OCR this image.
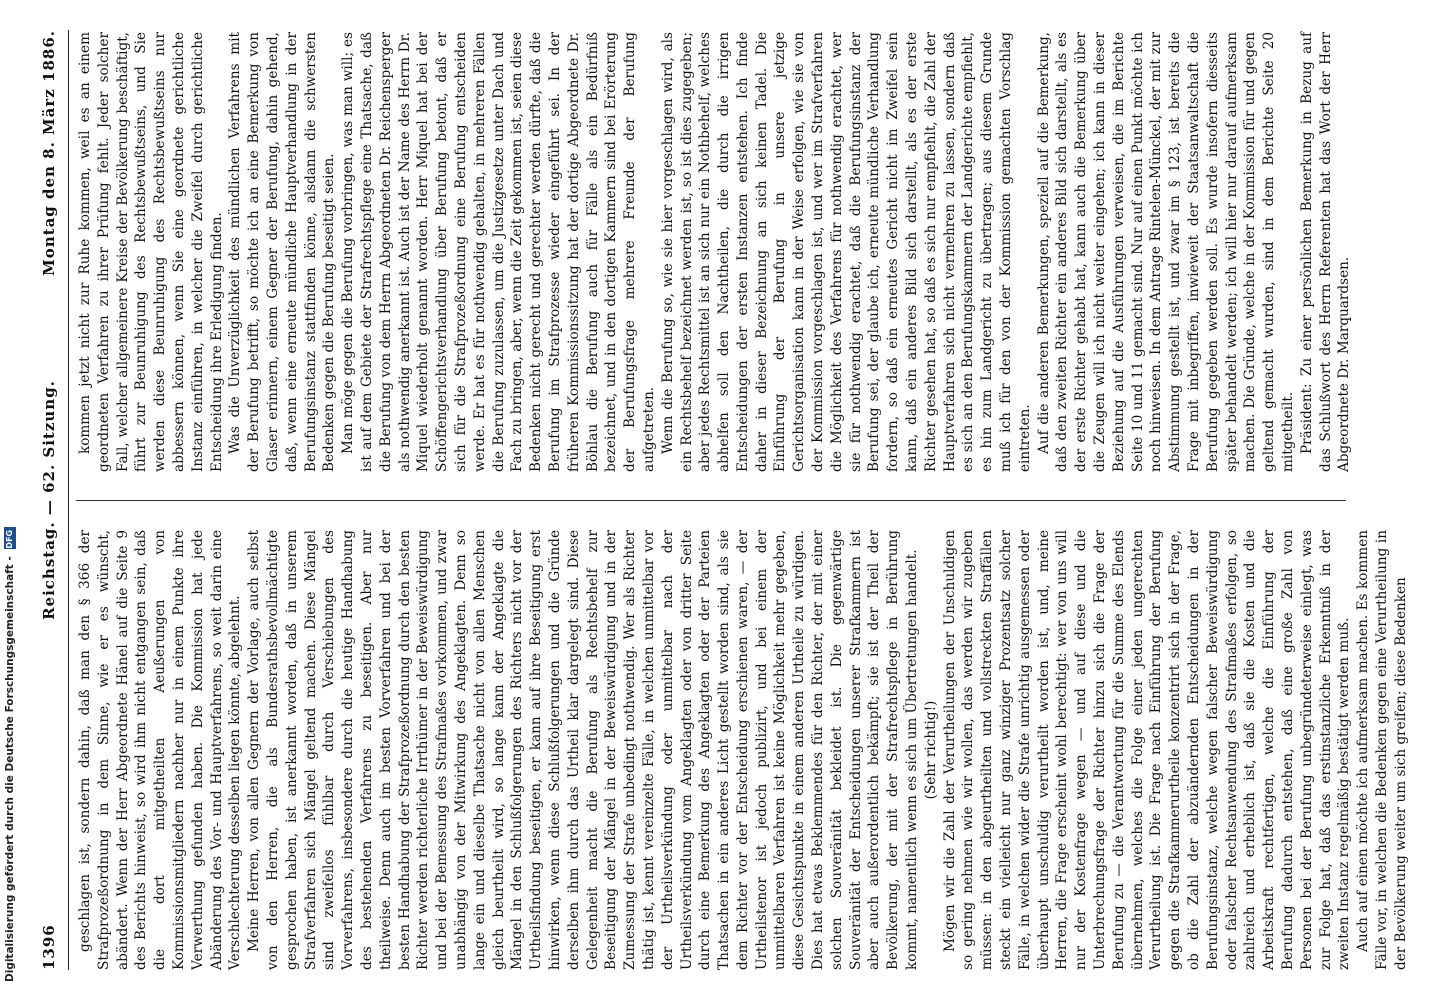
1396
Reichstag. — 62. Sitzung.
Montag den 8. März 1886.

geschlagen ist, sondern dahin, daß man den § 366 der Strafprozeßordnung in dem Sinne, wie er es wünscht, abändert. Wenn der Herr Abgeordnete Hänel auf die Seite 9 des Berichts hinweist, so wird ihm nicht entgangen sein, daß die dort mitgetheilten Aeußerungen von Kommissionsmitgliedern nachher nur in einem Punkte ihre Verwerthung gefunden haben. Die Kommission hat jede Abänderung des Vor- und Hauptverfahrens, so weit darin eine Verschlechterung desselben liegen könnte, abgelehnt. Meine Herren, von allen Gegnern der Vorlage, auch selbst von den Herren, die als Bundesrathsbevollmächtigte gesprochen haben, ist anerkannt worden, daß in unserem Strafverfahren sich Mängel geltend machen. Diese Mängel sind zweifellos fühlbar durch Verschiebungen des Vorverfahrens, insbesondere durch die heutige Handhabung des bestehenden Verfahrens zu beseitigen. Aber nur theilweise. Denn auch im besten Vorverfahren und bei der besten Handhabung der Strafprozeßordnung durch den besten Richter werden richterliche Irrthümer in der Beweiswürdigung und bei der Bemessung des Strafmaßes vorkommen, und zwar unabhängig von der Mitwirkung des Angeklagten. Denn so lange ein und dieselbe Thatsache nicht von allen Menschen gleich beurtheilt wird, so lange kann der Angeklagte die Mängel in den Schlußfolgerungen des Richters nicht vor der Urtheilsfindung beseitigen, er kann auf ihre Beseitigung erst hinwirken, wenn diese Schlußfolgerungen und die Gründe derselben ihm durch das Urtheil klar dargelegt sind. Diese Gelegenheit macht die Berufung als Rechtsbehelf zur Beseitigung der Mängel in der Beweiswürdigung und in der Zumessung der Strafe unbedingt nothwendig. Wer als Richter thätig ist, kennt vereinzelte Fälle, in welchen unmittelbar vor der Urtheilsverkündung oder unmittelbar nach der Urtheilsverkündung vom Angeklagten oder von dritter Seite durch eine Bemerkung des Angeklagten oder der Parteien Thatsachen in ein anderes Licht gestellt worden sind, als sie dem Richter vor der Entscheidung erschienen waren, — der Urtheilstenor ist jedoch publizirt, und bei einem der unmittelbaren Verfahren ist keine Möglichkeit mehr gegeben, diese Gesichtspunkte in einem anderen Urtheile zu würdigen. Dies hat etwas Beklemmendes für den Richter, der mit einer solchen Souveränität bekleidet ist. Die gegenwärtige Souveränität der Entscheidungen unserer Strafkammern ist aber auch außerordentlich bekämpft; sie ist der Theil der Bevölkerung, der mit der Strafrechtspflege in Berührung kommt, namentlich wenn es sich um Übertretungen handelt. (Sehr richtig!) Mögen wir die Zahl der Verurtheilungen der Unschuldigen so gering nehmen wie wir wollen, das werden wir zugeben müssen: in den abgeurtheilten und vollstreckten Straffällen steckt ein vielleicht nur ganz winziger Prozentsatz solcher Fälle, in welchen wider die Strafe unrichtig ausgemessen oder überhaupt unschuldig verurtheilt worden ist, und, meine Herren, die Frage erscheint wohl berechtigt: wer von uns will nur der Kostenfrage wegen — und auf diese und die Unterbrechungsfrage der Richter hinzu sich die Frage der Berufung zu — die Verantwortung für die Summe des Elends übernehmen, welches die Folge einer jeden ungerechten Verurtheilung ist. Die Frage nach Einführung der Berufung gegen die Strafkammerurtheile konzentrirt sich in der Frage, ob die Zahl der abzuändernden Entscheidungen in der Berufungsinstanz, welche wegen falscher Beweiswürdigung oder falscher Rechtsanwendung des Strafmaßes erfolgen, so zahlreich und erheblich ist, daß sie die Kosten und die Arbeitskraft rechtfertigen, welche die Einführung der Berufung dadurch entstehen, daß eine große Zahl von Personen bei der Berufung unbegründeterweise einlegt, was zur Folge hat, daß das erstinstanzliche Erkenntniß in der zweiten Instanz regelmäßig bestätigt werden muß. Auch auf einen möchte ich aufmerksam machen. Es kommen Fälle vor, in welchen die Bedenken gegen eine Verurtheilung in der Bevölkerung weiter um sich greifen; diese Bedenken

kommen jetzt nicht zur Ruhe kommen, weil es an einem geordneten Verfahren zu ihrer Prüfung fehlt. Jeder solcher Fall, welcher allgemeinere Kreise der Bevölkerung beschäftigt, führt zur Beunruhigung des Rechtsbewußtseins, und Sie werden diese Beunruhigung des Rechtsbewußtseins nur abbessern können, wenn Sie eine geordnete gerichtliche Instanz einführen, in welcher die Zweifel durch gerichtliche Entscheidung ihre Erledigung finden. Was die Unverzüglichkeit des mündlichen Verfahrens mit der Berufung betrifft, so möchte ich an eine Bemerkung von Glaser erinnern, einem Gegner der Berufung, dahin gehend, daß, wenn eine erneute mündliche Hauptverhandlung in der Berufungsinstanz stattfinden könne, alsdann die schwersten Bedenken gegen die Berufung beseitigt seien. Man möge gegen die Berufung vorbringen, was man will; es ist auf dem Gebiete der Strafrechtspflege eine Thatsache, daß die Berufung von dem Herrn Abgeordneten Dr. Reichensperger als nothwendig anerkannt ist. Auch ist der Name des Herrn Dr. Miquel wiederholt genannt worden. Herr Miquel hat bei der Schöffengerichtsverhandlung über Berufung betont, daß er sich für die Strafprozeßordnung eine Berufung entscheiden werde. Er hat es für nothwendig gehalten, in mehreren Fällen die Berufung zuzulassen, um die Justizgesetze unter Dach und Fach zu bringen, aber, wenn die Zeit gekommen ist, seien diese Bedenken nicht gerecht und gerechter werden dürfte, daß die Berufung im Strafprozesse wieder eingeführt sei. In der früheren Kommissionssitzung hat der dortige Abgeordnete Dr. Böhlau die Berufung auch für Fälle als ein Bedürfniß bezeichnet, und in den dortigen Kammern sind bei Erörterung der Berufungsfrage mehrere Freunde der Berufung aufgetreten. Wenn die Berufung so, wie sie hier vorgeschlagen wird, als ein Rechtsbehelf bezeichnet werden ist, so ist dies zugegeben; aber jedes Rechtsmittel ist an sich nur ein Nothbehelf, welches abhelfen soll den Nachtheilen, die durch die irrigen Entscheidungen der ersten Instanzen entstehen. Ich finde daher in dieser Bezeichnung an sich keinen Tadel. Die Einführung der Berufung in unsere jetzige Gerichtsorganisation kann in der Weise erfolgen, wie sie von der Kommission vorgeschlagen ist, und wer im Strafverfahren die Möglichkeit des Verfahrens für nothwendig erachtet, wer sie für nothwendig erachtet, daß die Berufungsinstanz der Berufung sei, der glaube ich, erneute mündliche Verhandlung fordern, so daß ein erneutes Gericht nicht im Zweifel sein kann, daß ein anderes Bild sich darstellt, als es der erste Richter gesehen hat, so daß es sich nur empfiehlt, die Zahl der Hauptverfahren sich nicht vermehren zu lassen, sondern daß es sich an den Berufungskammern der Landgerichte empfiehlt, es hin zum Landgericht zu übertragen; aus diesem Grunde muß ich für den von der Kommission gemachten Vorschlag eintreten. Auf die anderen Bemerkungen, speziell auf die Bemerkung, daß den zweiten Richter ein anderes Bild sich darstellt, als es der erste Richter gehabt hat, kann auch die Bemerkung über die Zeugen will ich nicht weiter eingehen; ich kann in dieser Beziehung auf die Ausführungen verweisen, die im Berichte Seite 10 und 11 gemacht sind. Nur auf einen Punkt möchte ich noch hinweisen. In dem Antrage Rintelen-Münckel, der mit zur Abstimmung gestellt ist, und zwar im § 123, ist bereits die Frage mit inbegriffen, inwieweit der Staatsanwaltschaft die Berufung gegeben werden soll. Es wurde insofern diesseits später behandelt werden; ich will hier nur darauf aufmerksam machen. Die Gründe, welche in der Kommission für und gegen geltend gemacht wurden, sind in dem Berichte Seite 20 mitgetheilt. Präsident: Zu einer persönlichen Bemerkung in Bezug auf das Schlußwort des Herrn Referenten hat das Wort der Herr Abgeordnete Dr. Marquardsen.

Digitalisierung gefördert durch die Deutsche Forschungsgemeinschaft - DFG
